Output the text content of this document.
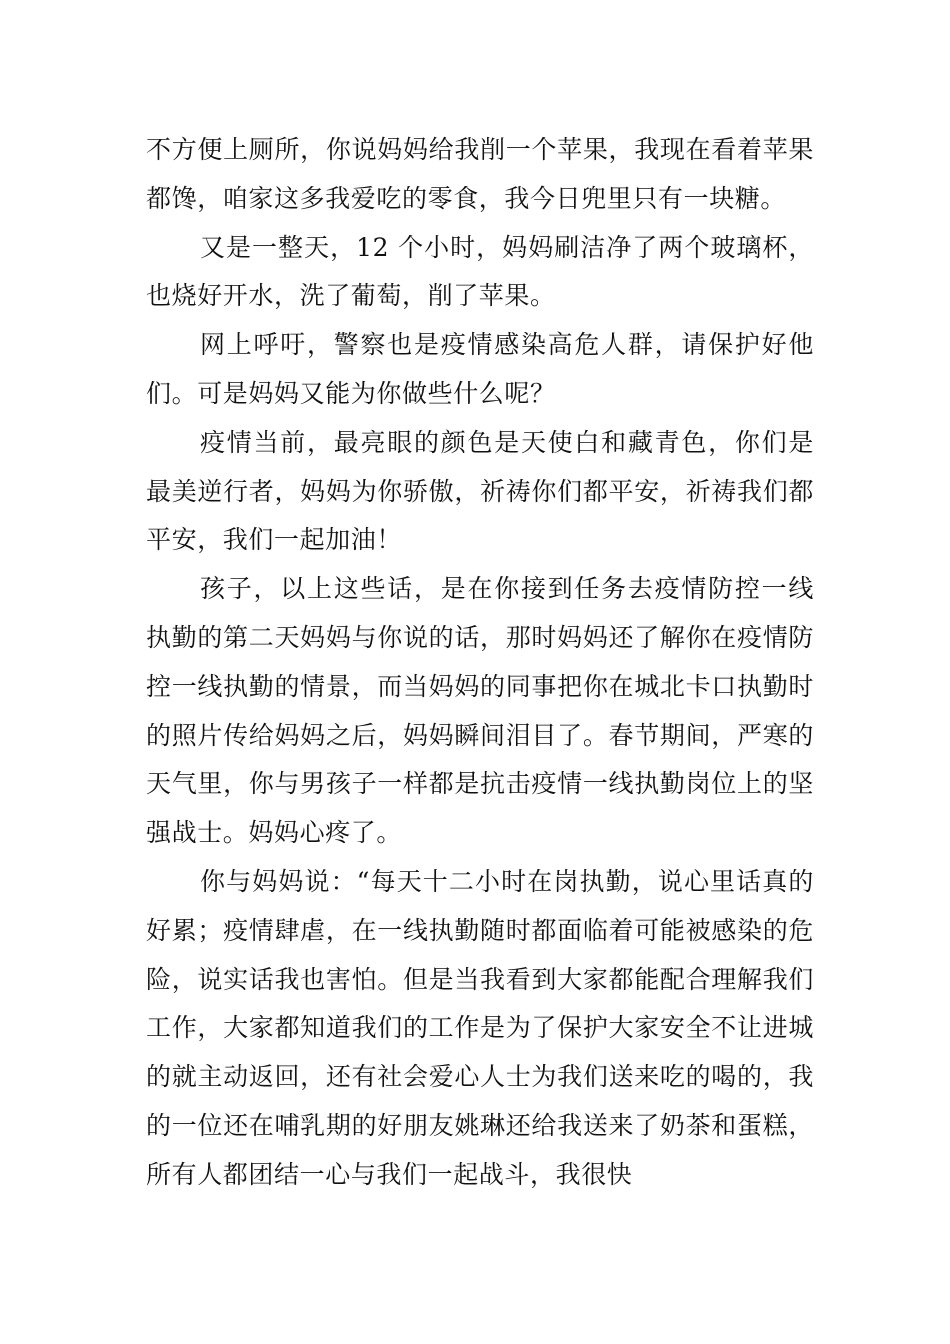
不方便上厕所，你说妈妈给我削一个苹果，我现在看着苹果都馋，咱家这多我爱吃的零食，我今日兜里只有一块糖。

又是一整天，12 个小时，妈妈刷洁净了两个玻璃杯，也烧好开水，洗了葡萄，削了苹果。

网上呼吁，警察也是疫情感染高危人群，请保护好他们。可是妈妈又能为你做些什么呢？

疫情当前，最亮眼的颜色是天使白和藏青色，你们是最美逆行者，妈妈为你骄傲，祈祷你们都平安，祈祷我们都平安，我们一起加油！

孩子，以上这些话，是在你接到任务去疫情防控一线执勤的第二天妈妈与你说的话，那时妈妈还了解你在疫情防控一线执勤的情景，而当妈妈的同事把你在城北卡口执勤时的照片传给妈妈之后，妈妈瞬间泪目了。春节期间，严寒的天气里，你与男孩子一样都是抗击疫情一线执勤岗位上的坚强战士。妈妈心疼了。

你与妈妈说：“每天十二小时在岗执勤，说心里话真的好累；疫情肆虐，在一线执勤随时都面临着可能被感染的危险，说实话我也害怕。但是当我看到大家都能配合理解我们工作，大家都知道我们的工作是为了保护大家安全不让进城的就主动返回，还有社会爱心人士为我们送来吃的喝的，我的一位还在哺乳期的好朋友姚琳还给我送来了奶茶和蛋糕，所有人都团结一心与我们一起战斗，我很快
